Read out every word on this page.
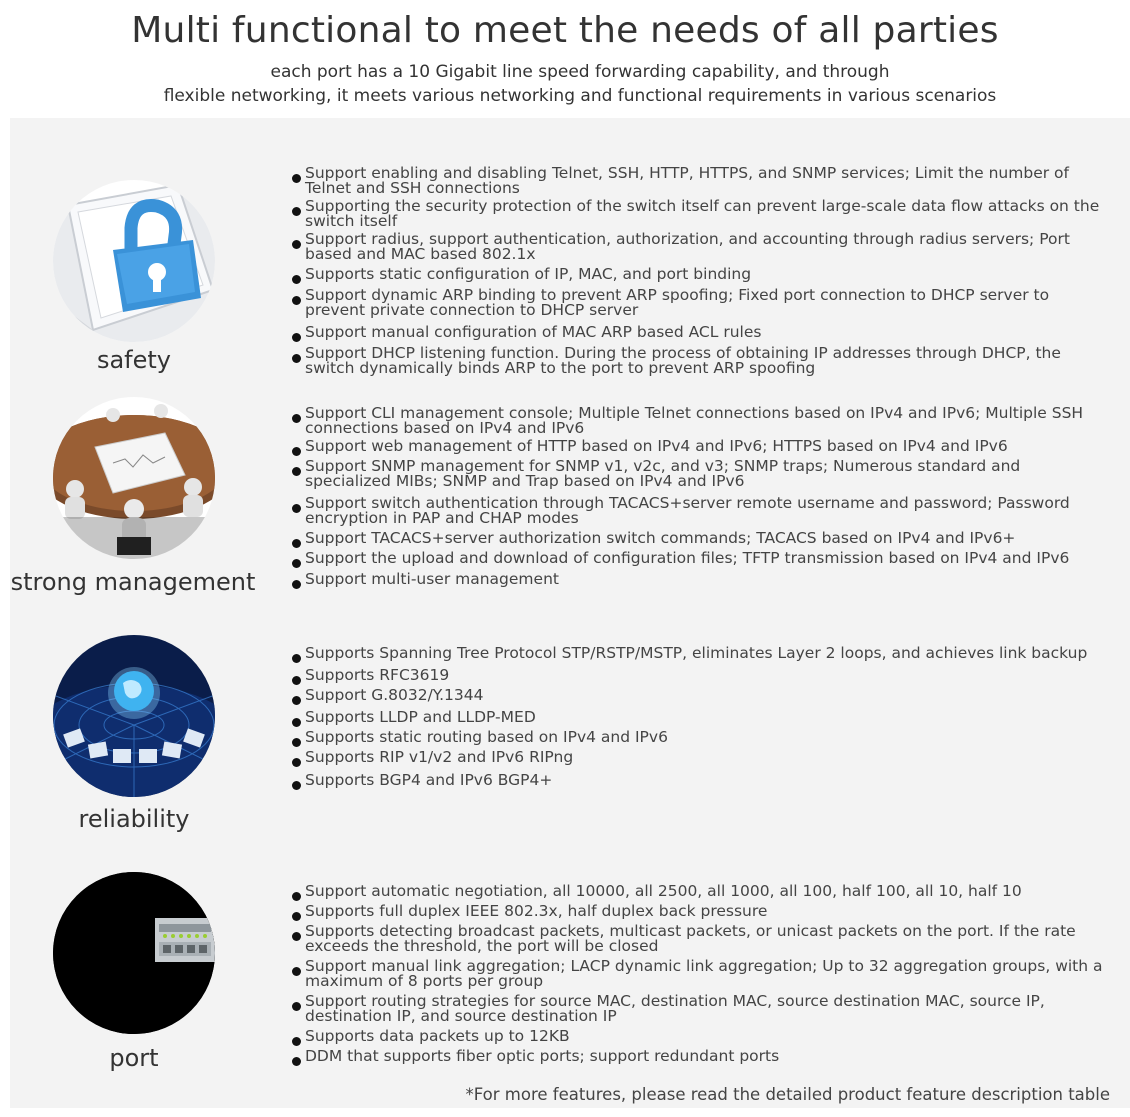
Multi functional to meet the needs of all parties
each port has a 10 Gigabit line speed forwarding capability, and through
flexible networking, it meets various networking and functional requirements in various scenarios
safety
Support enabling and disabling Telnet, SSH, HTTP, HTTPS, and SNMP services; Limit the number of Telnet and SSH connections
Supporting the security protection of the switch itself can prevent large-scale data flow attacks on the switch itself
Support radius, support authentication, authorization, and accounting through radius servers; Port based and MAC based 802.1x
Supports static configuration of IP, MAC, and port binding
Support dynamic ARP binding to prevent ARP spoofing; Fixed port connection to DHCP server to prevent private connection to DHCP server
Support manual configuration of MAC ARP based ACL rules
Support DHCP listening function. During the process of obtaining IP addresses through DHCP, the switch dynamically binds ARP to the port to prevent ARP spoofing
strong management
Support CLI management console; Multiple Telnet connections based on IPv4 and IPv6; Multiple SSH connections based on IPv4 and IPv6
Support web management of HTTP based on IPv4 and IPv6; HTTPS based on IPv4 and IPv6
Support SNMP management for SNMP v1, v2c, and v3; SNMP traps; Numerous standard and specialized MIBs; SNMP and Trap based on IPv4 and IPv6
Support switch authentication through TACACS+server remote username and password; Password encryption in PAP and CHAP modes
Support TACACS+server authorization switch commands; TACACS based on IPv4 and IPv6+
Support the upload and download of configuration files; TFTP transmission based on IPv4 and IPv6
Support multi-user management
reliability
Supports Spanning Tree Protocol STP/RSTP/MSTP, eliminates Layer 2 loops, and achieves link backup
Supports RFC3619
Support G.8032/Y.1344
Supports LLDP and LLDP-MED
Supports static routing based on IPv4 and IPv6
Supports RIP v1/v2 and IPv6 RIPng
Supports BGP4 and IPv6 BGP4+
port
Support automatic negotiation, all 10000, all 2500, all 1000, all 100, half 100, all 10, half 10
Supports full duplex IEEE 802.3x, half duplex back pressure
Supports detecting broadcast packets, multicast packets, or unicast packets on the port. If the rate exceeds the threshold, the port will be closed
Support manual link aggregation; LACP dynamic link aggregation; Up to 32 aggregation groups, with a maximum of 8 ports per group
Support routing strategies for source MAC, destination MAC, source destination MAC, source IP, destination IP, and source destination IP
Supports data packets up to 12KB
DDM that supports fiber optic ports; support redundant ports
*For more features, please read the detailed product feature description table
